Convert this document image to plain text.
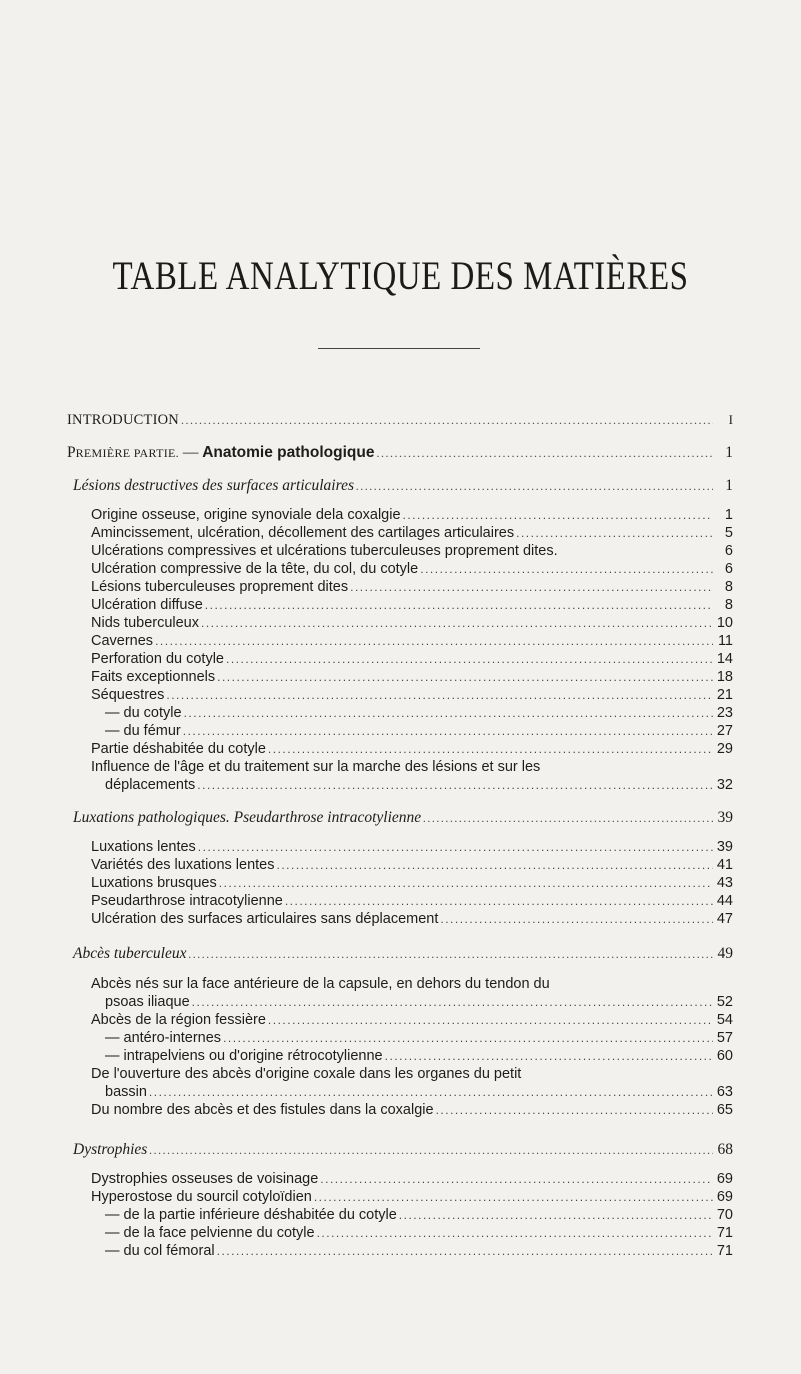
TABLE ANALYTIQUE DES MATIÈRES
INTRODUCTION .....	I
PREMIÈRE PARTIE. — Anatomie pathologique .....	1
Lésions destructives des surfaces articulaires .....	1
Origine osseuse, origine synoviale dela coxalgie .....	1
Amincissement, ulcération, décollement des cartilages articulaires .....	5
Ulcérations compressives et ulcérations tuberculeuses proprement dites.	6
Ulcération compressive de la tête, du col, du cotyle .....	6
Lésions tuberculeuses proprement dites .....	8
Ulcération diffuse .....	8
Nids tuberculeux .....	10
Cavernes .....	11
Perforation du cotyle .....	14
Faits exceptionnels .....	18
Séquestres .....	21
— du cotyle .....	23
— du fémur .....	27
Partie déshabitée du cotyle .....	29
Influence de l'âge et du traitement sur la marche des lésions et sur les
déplacements .....	32
Luxations pathologiques. Pseudarthrose intracotylienne .....	39
Luxations lentes .....	39
Variétés des luxations lentes .....	41
Luxations brusques .....	43
Pseudarthrose intracotylienne .....	44
Ulcération des surfaces articulaires sans déplacement .....	47
Abcès tuberculeux .....	49
Abcès nés sur la face antérieure de la capsule, en dehors du tendon du
psoas iliaque .....	52
Abcès de la région fessière .....	54
— antéro-internes .....	57
— intrapelviens ou d'origine rétrocotylienne .....	60
De l'ouverture des abcès d'origine coxale dans les organes du petit
bassin .....	63
Du nombre des abcès et des fistules dans la coxalgie .....	65
Dystrophies .....	68
Dystrophies osseuses de voisinage .....	69
Hyperostose du sourcil cotyloïdien .....	69
— de la partie inférieure déshabitée du cotyle .....	70
— de la face pelvienne du cotyle .....	71
— du col fémoral .....	71
